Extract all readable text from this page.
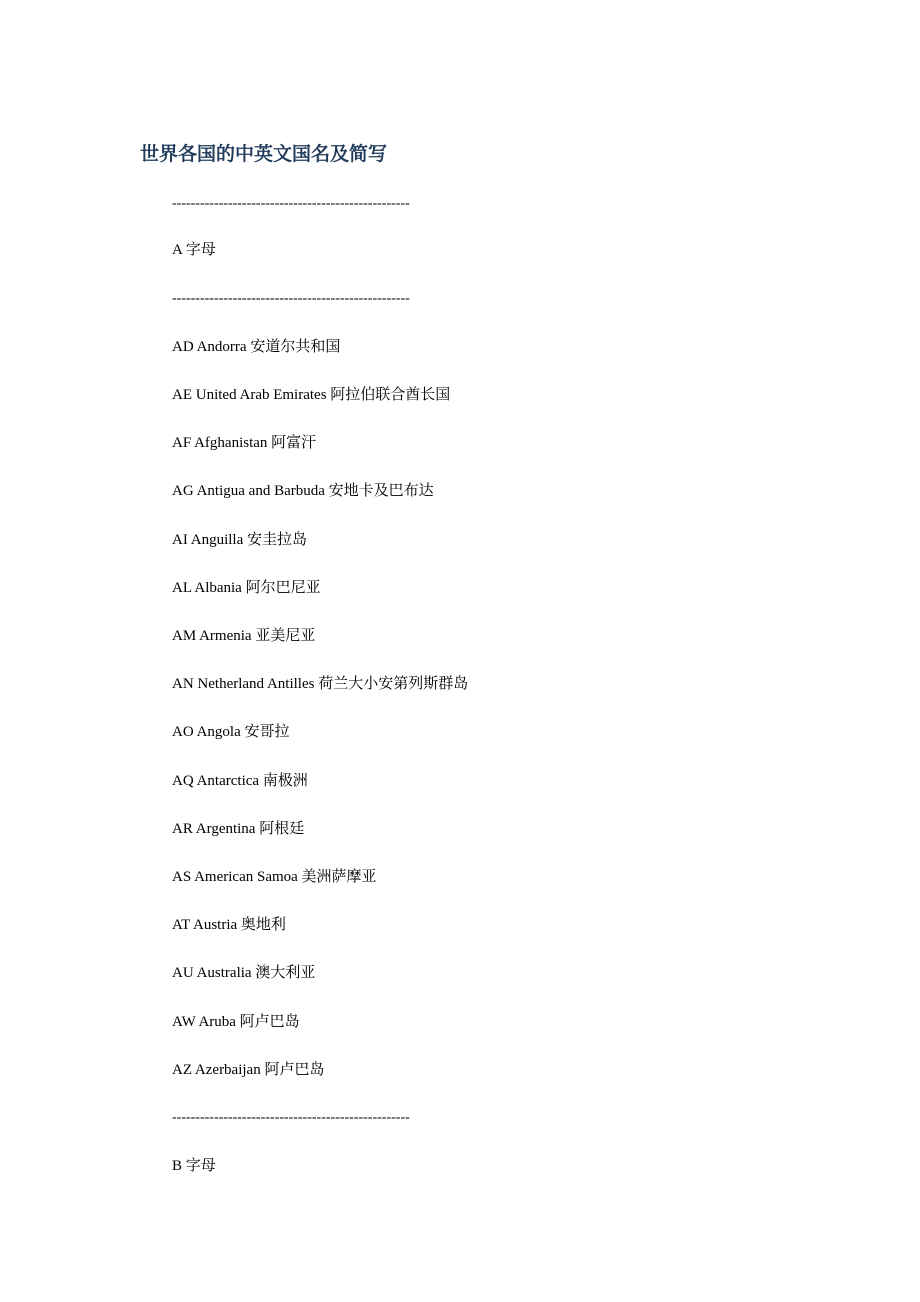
世界各国的中英文国名及简写
---------------------------------------------------
A 字母
---------------------------------------------------
AD Andorra 安道尔共和国
AE United Arab Emirates 阿拉伯联合酋长国
AF Afghanistan 阿富汗
AG Antigua and Barbuda 安地卡及巴布达
AI Anguilla 安圭拉岛
AL Albania 阿尔巴尼亚
AM Armenia 亚美尼亚
AN Netherland Antilles 荷兰大小安第列斯群岛
AO Angola 安哥拉
AQ Antarctica 南极洲
AR Argentina 阿根廷
AS American Samoa 美洲萨摩亚
AT Austria 奥地利
AU Australia 澳大利亚
AW Aruba 阿卢巴岛
AZ Azerbaijan 阿卢巴岛
---------------------------------------------------
B 字母
